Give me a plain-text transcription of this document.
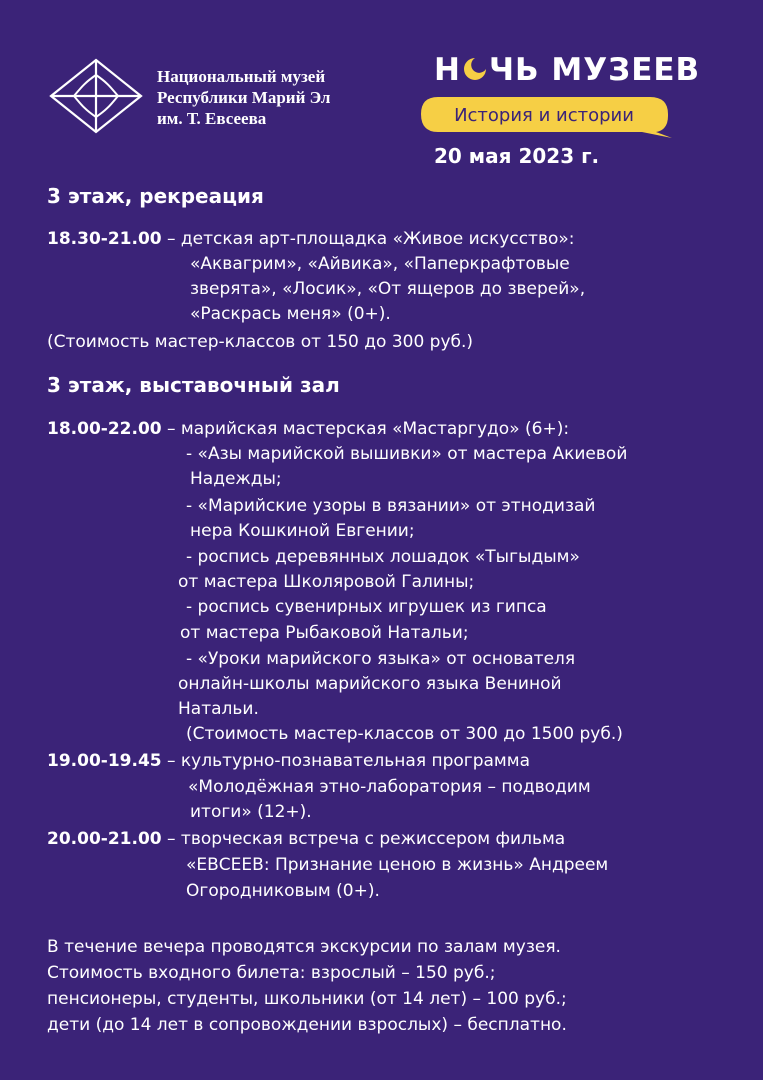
Национальный музей
Республики Марий Эл
им. Т. Евсеева
Н ЧЬ МУЗЕЕВ
История и истории
20 мая 2023 г.
3 этаж, рекреация
18.30-21.00 – детская арт-площадка «Живое искусство»:
«Аквагрим», «Айвика», «Паперкрафтовые
зверята», «Лосик», «От ящеров до зверей»,
«Раскрась меня» (0+).
(Стоимость мастер-классов от 150 до 300 руб.)
3 этаж, выставочный зал
18.00-22.00 – марийская мастерская «Мастаргудо» (6+):
- «Азы марийской вышивки» от мастера Акиевой
Надежды;
- «Марийские узоры в вязании» от этнодизай
нера Кошкиной Евгении;
- роспись деревянных лошадок «Тыгыдым»
от мастера Школяровой Галины;
- роспись сувенирных игрушек из гипса
от мастера Рыбаковой Натальи;
- «Уроки марийского языка» от основателя
онлайн-школы марийского языка Вениной
Натальи.
(Стоимость мастер-классов от 300 до 1500 руб.)
19.00-19.45 – культурно-познавательная программа
«Молодёжная этно-лаборатория – подводим
итоги» (12+).
20.00-21.00 – творческая встреча с режиссером фильма
«ЕВСЕЕВ: Признание ценою в жизнь» Андреем
Огородниковым (0+).
В течение вечера проводятся экскурсии по залам музея.
Стоимость входного билета: взрослый – 150 руб.;
пенсионеры, студенты, школьники (от 14 лет) – 100 руб.;
дети (до 14 лет в сопровождении взрослых) – бесплатно.
